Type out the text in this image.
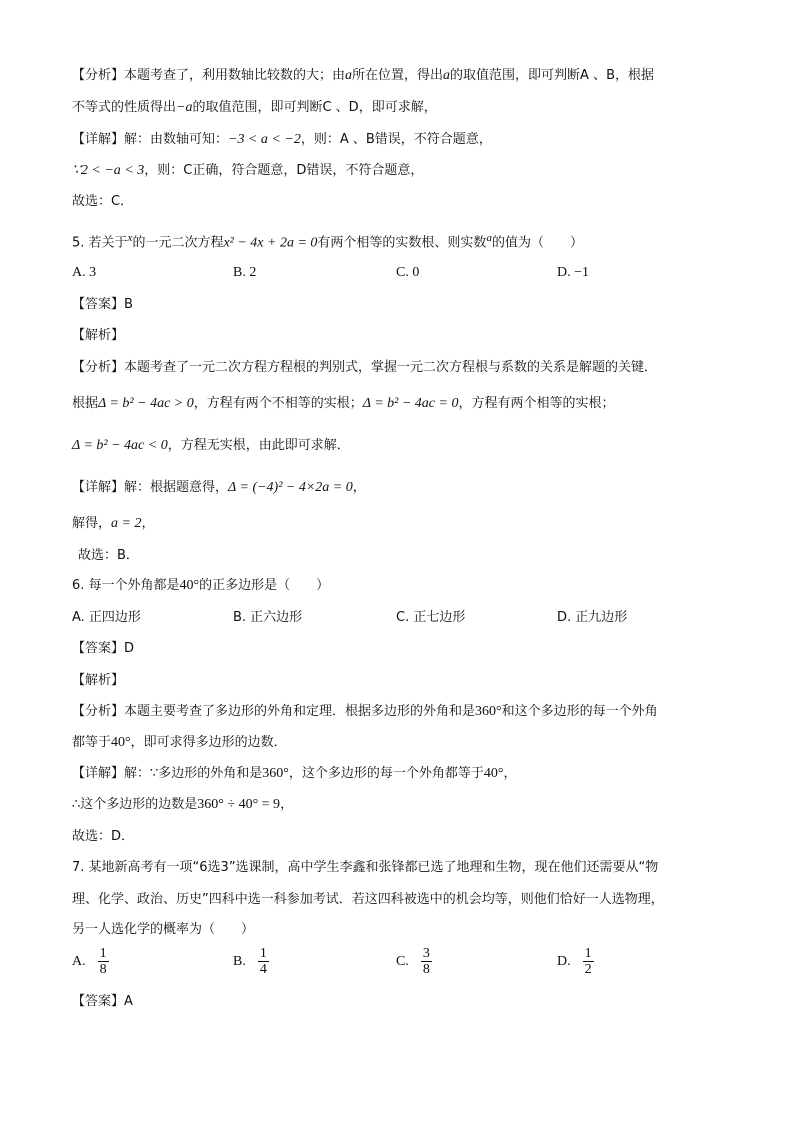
【分析】本题考查了，利用数轴比较数的大；由a所在位置，得出a的取值范围，即可判断A 、B，根据
不等式的性质得出−a的取值范围，即可判断C 、D，即可求解，
【详解】解：由数轴可知：−3 < a < −2，则：A 、B错误，不符合题意，
∵2 < −a < 3，则：C正确，符合题意，D错误，不符合题意，
故选：C．
5. 若关于$^x$的一元二次方程x² − 4x + 2a = 0有两个相等的实数根、则实数$^a$的值为（　　）
A. 3	B. 2	C. 0	D. −1
【答案】B
【解析】
【分析】本题考查了一元二次方程方程根的判别式，掌握一元二次方程根与系数的关系是解题的关键．
根据Δ = b² − 4ac > 0，方程有两个不相等的实根；Δ = b² − 4ac = 0，方程有两个相等的实根；
Δ = b² − 4ac < 0，方程无实根，由此即可求解．
【详解】解：根据题意得，Δ = (−4)² − 4×2a = 0，
解得，a = 2，
故选：B．
6. 每一个外角都是40°的正多边形是（　　）
A. 正四边形	B. 正六边形	C. 正七边形	D. 正九边形
【答案】D
【解析】
【分析】本题主要考查了多边形的外角和定理．根据多边形的外角和是360°和这个多边形的每一个外角
都等于40°，即可求得多边形的边数．
【详解】解：∵多边形的外角和是360°，这个多边形的每一个外角都等于40°，
∴这个多边形的边数是360° ÷ 40° = 9，
故选：D．
7. 某地新高考有一项“6选3”选课制，高中学生李鑫和张锋都已选了地理和生物，现在他们还需要从“物
理、化学、政治、历史”四科中选一科参加考试．若这四科被选中的机会均等，则他们恰好一人选物理，
另一人选化学的概率为（　　）
A. $\frac{1}{8}$	B. $\frac{1}{4}$	C. $\frac{3}{8}$	D. $\frac{1}{2}$
【答案】A
